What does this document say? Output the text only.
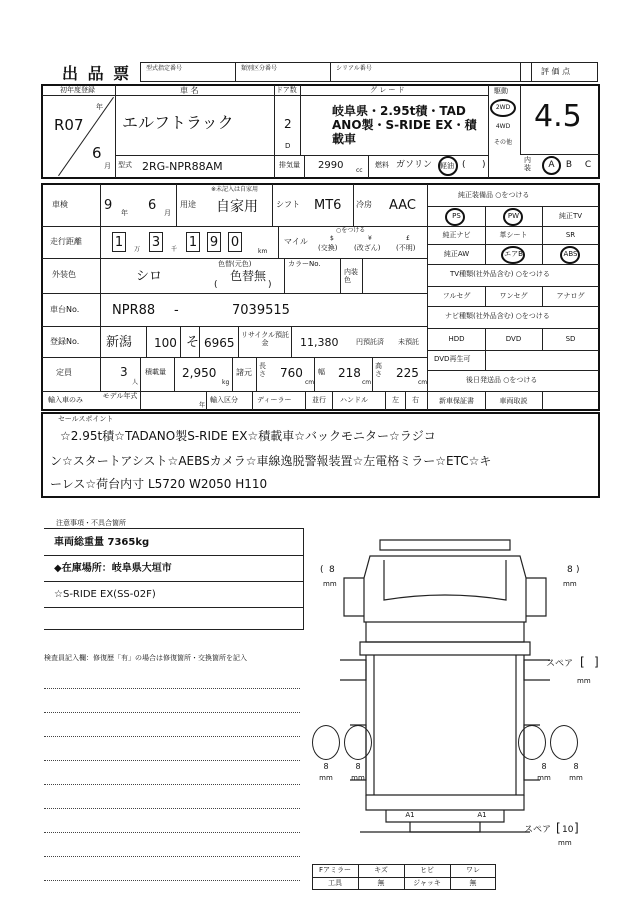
出 品 票 型式指定番号	類別区分番号	シリアル番号	評 価 点
初年度登録
年
R07
6
月
車 名
エルフトラック
ドア数
2
D
グ レ ー ド
岐阜県・2.95t積・TAD
ANO製・S-RIDE EX・積
載車
駆動
2WD
4WD
その他
4.5
型式 2RG-NPR88AM	排気量 2990 cc
燃料 ガソリン 軽油 ( )	内装	A	B	C
車検	9 年 6 月
用途
※未記入は自家用
自家用 シフト MT6 冷房 AAC
走行距離	1 3 1 9 0
万	千	km
マイル
○をつける
$	¥	£
(交換) (改ざん) (不明)
外装色	シロ
色替(元色)
色替無
(	)
カラーNo.
内装色
車台No.	NPR88 -	7039515
登録No. 新潟 100 そ 6965
リサイクル預託金	11,380	円預託済 未預託
定員	3
人
積載量 2,950
kg
諸元
長さ 760
cm
幅 218
cm
高さ 225
cm
輸入車のみ	モデル年式
年
輸入区分	ディーラー	並行 ハンドル	左 右
純正装備品 ○をつける
PS	PW	純正TV
純正ナビ	革シート	SR
純正AW	エアB	ABS
TV種類(社外品含む) ○をつける
フルセグ	ワンセグ	アナログ
ナビ種類(社外品含む) ○をつける
HDD	DVD	SD
DVD再生可
後日発送品 ○をつける
新車保証書	車両取説
セールスポイント
☆2.95t積☆TADANO製S-RIDE EX☆積載車☆バックモニター☆ラジコ
ン☆スタートアシスト☆AEBSカメラ☆車線逸脱警報装置☆左電格ミラー☆ETC☆キ
ーレス☆荷台内寸 L5720 W2050 H110
注意事項・不具合箇所
車両総重量 7365kg
◆在庫場所：岐阜県大垣市
☆S-RIDE EX(SS-02F)
検査員記入欄：修復歴「有」の場合は修復箇所・交換箇所を記入
A1	A1
( 8
mm
8 )
mm
8
mm
8
mm
8
mm
8
mm
スペア [ ]
mm
スペア [ 10 ]
mm
Fアミラー	キズ	ヒビ	ワレ
工具	無	ジャッキ	無
